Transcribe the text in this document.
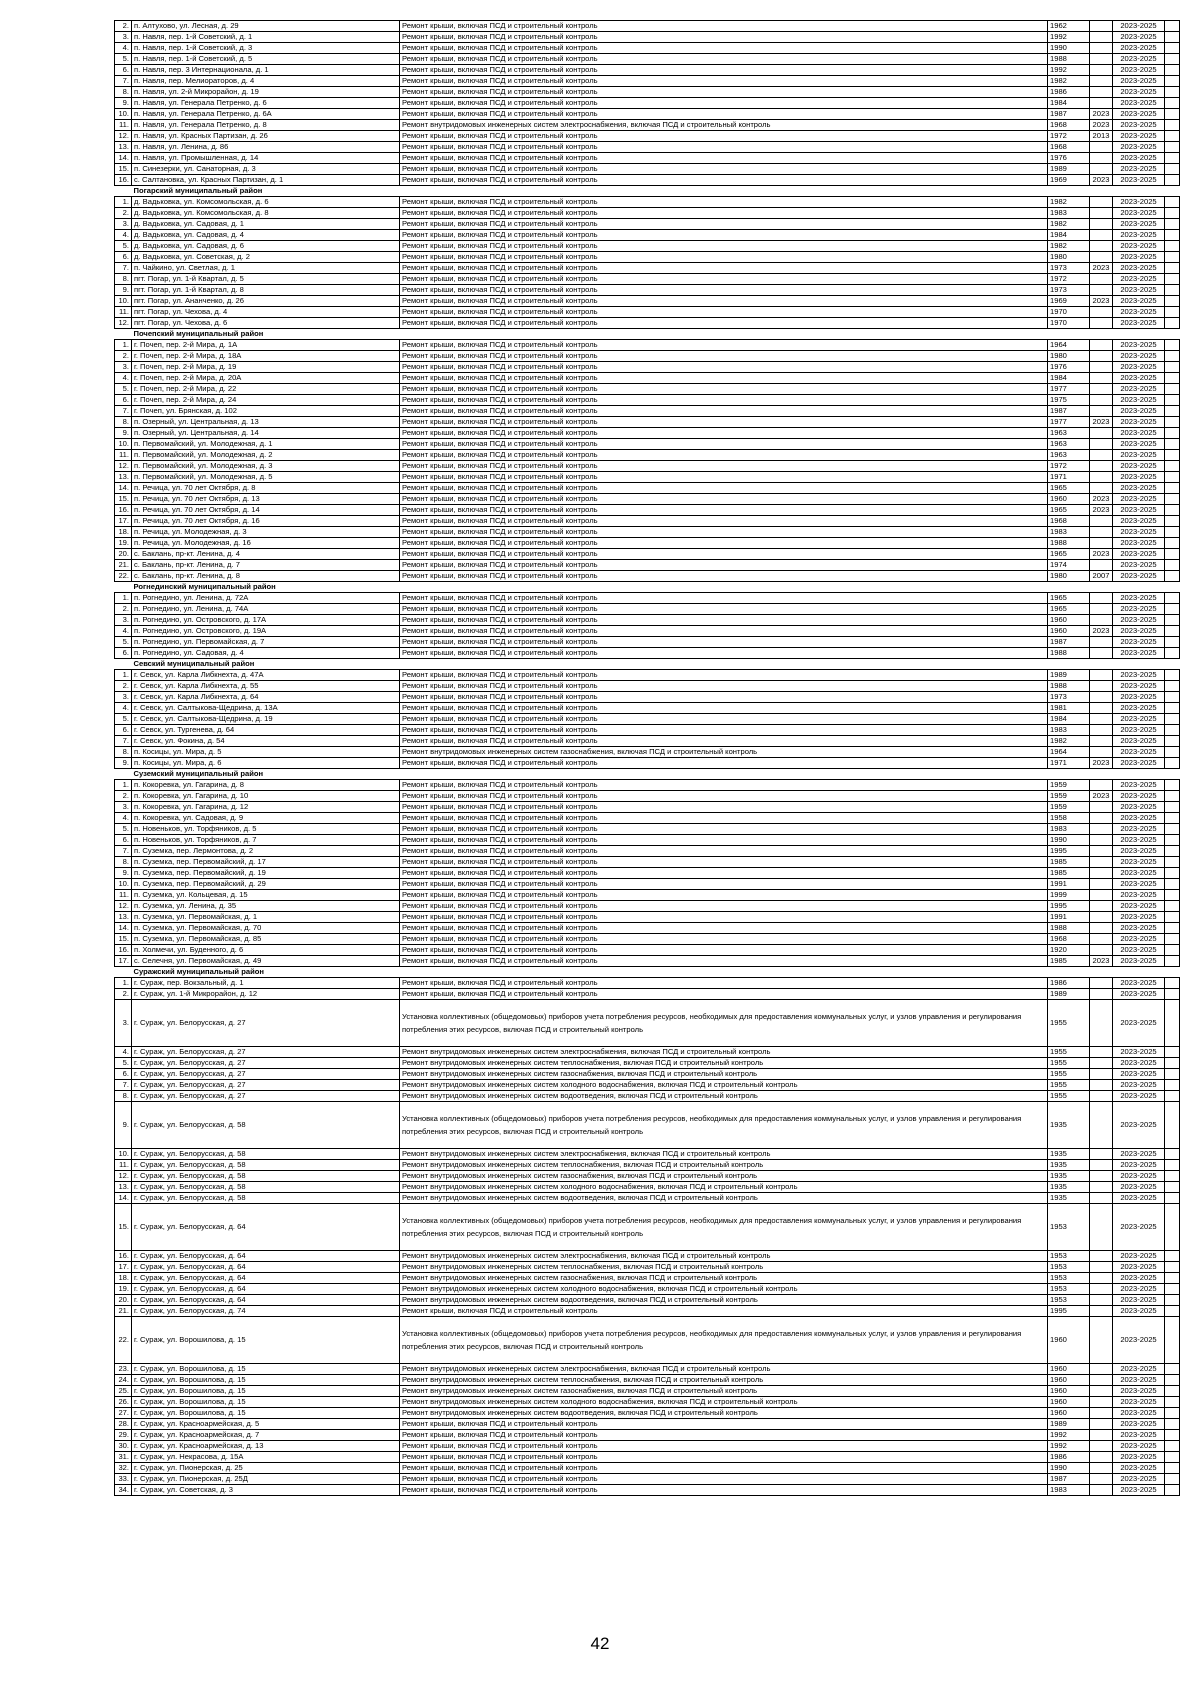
2.	п. Алтухово, ул. Лесная, д. 29	Ремонт крыши, включая ПСД и строительный контроль	1962		2023-2025	
3.	п. Навля, пер. 1-й Советский, д. 1	Ремонт крыши, включая ПСД и строительный контроль	1992		2023-2025	
4.	п. Навля, пер. 1-й Советский, д. 3	Ремонт крыши, включая ПСД и строительный контроль	1990		2023-2025	
5.	п. Навля, пер. 1-й Советский, д. 5	Ремонт крыши, включая ПСД и строительный контроль	1988		2023-2025	
6.	п. Навля, пер. 3 Интернационала, д. 1	Ремонт крыши, включая ПСД и строительный контроль	1992		2023-2025	
7.	п. Навля, пер. Мелиораторов, д. 4	Ремонт крыши, включая ПСД и строительный контроль	1982		2023-2025	
8.	п. Навля, ул. 2-й Микрорайон, д. 19	Ремонт крыши, включая ПСД и строительный контроль	1986		2023-2025	
9.	п. Навля, ул. Генерала Петренко, д. 6	Ремонт крыши, включая ПСД и строительный контроль	1984		2023-2025	
10.	п. Навля, ул. Генерала Петренко, д. 6А	Ремонт крыши, включая ПСД и строительный контроль	1987	2023	2023-2025	
11.	п. Навля, ул. Генерала Петренко, д. 8	Ремонт внутридомовых инженерных систем электроснабжения, включая ПСД и строительный контроль	1968	2023	2023-2025	
12.	п. Навля, ул. Красных Партизан, д. 26	Ремонт крыши, включая ПСД и строительный контроль	1972	2013	2023-2025	
13.	п. Навля, ул. Ленина, д. 86	Ремонт крыши, включая ПСД и строительный контроль	1968		2023-2025	
14.	п. Навля, ул. Промышленная, д. 14	Ремонт крыши, включая ПСД и строительный контроль	1976		2023-2025	
15.	п. Синезерки, ул. Санаторная, д. 3	Ремонт крыши, включая ПСД и строительный контроль	1989		2023-2025	
16.	с. Салтановка, ул. Красных Партизан, д. 1	Ремонт крыши, включая ПСД и строительный контроль	1969	2023	2023-2025	
	Погарский муниципальный район					
1.	д. Вадьковка, ул. Комсомольская, д. 6	Ремонт крыши, включая ПСД и строительный контроль	1982		2023-2025	
2.	д. Вадьковка, ул. Комсомольская, д. 8	Ремонт крыши, включая ПСД и строительный контроль	1983		2023-2025	
3.	д. Вадьковка, ул. Садовая, д. 1	Ремонт крыши, включая ПСД и строительный контроль	1982		2023-2025	
4.	д. Вадьковка, ул. Садовая, д. 4	Ремонт крыши, включая ПСД и строительный контроль	1984		2023-2025	
5.	д. Вадьковка, ул. Садовая, д. 6	Ремонт крыши, включая ПСД и строительный контроль	1982		2023-2025	
6.	д. Вадьковка, ул. Советская, д. 2	Ремонт крыши, включая ПСД и строительный контроль	1980		2023-2025	
7.	п. Чайкино, ул. Светлая, д. 1	Ремонт крыши, включая ПСД и строительный контроль	1973	2023	2023-2025	
8.	пгт. Погар, ул. 1-й Квартал, д. 5	Ремонт крыши, включая ПСД и строительный контроль	1972		2023-2025	
9.	пгт. Погар, ул. 1-й Квартал, д. 8	Ремонт крыши, включая ПСД и строительный контроль	1973		2023-2025	
10.	пгт. Погар, ул. Ананченко, д. 26	Ремонт крыши, включая ПСД и строительный контроль	1969	2023	2023-2025	
11.	пгт. Погар, ул. Чехова, д. 4	Ремонт крыши, включая ПСД и строительный контроль	1970		2023-2025	
12.	пгт. Погар, ул. Чехова, д. 6	Ремонт крыши, включая ПСД и строительный контроль	1970		2023-2025	
	Почепский муниципальный район					
1.	г. Почеп, пер. 2-й Мира, д. 1А	Ремонт крыши, включая ПСД и строительный контроль	1964		2023-2025	
2.	г. Почеп, пер. 2-й Мира, д. 18А	Ремонт крыши, включая ПСД и строительный контроль	1980		2023-2025	
3.	г. Почеп, пер. 2-й Мира, д. 19	Ремонт крыши, включая ПСД и строительный контроль	1976		2023-2025	
4.	г. Почеп, пер. 2-й Мира, д. 20А	Ремонт крыши, включая ПСД и строительный контроль	1984		2023-2025	
5.	г. Почеп, пер. 2-й Мира, д. 22	Ремонт крыши, включая ПСД и строительный контроль	1977		2023-2025	
6.	г. Почеп, пер. 2-й Мира, д. 24	Ремонт крыши, включая ПСД и строительный контроль	1975		2023-2025	
7.	г. Почеп, ул. Брянская, д. 102	Ремонт крыши, включая ПСД и строительный контроль	1987		2023-2025	
8.	п. Озерный, ул. Центральная, д. 13	Ремонт крыши, включая ПСД и строительный контроль	1977	2023	2023-2025	
9.	п. Озерный, ул. Центральная, д. 14	Ремонт крыши, включая ПСД и строительный контроль	1963		2023-2025	
10.	п. Первомайский, ул. Молодежная, д. 1	Ремонт крыши, включая ПСД и строительный контроль	1963		2023-2025	
11.	п. Первомайский, ул. Молодежная, д. 2	Ремонт крыши, включая ПСД и строительный контроль	1963		2023-2025	
12.	п. Первомайский, ул. Молодежная, д. 3	Ремонт крыши, включая ПСД и строительный контроль	1972		2023-2025	
13.	п. Первомайский, ул. Молодежная, д. 5	Ремонт крыши, включая ПСД и строительный контроль	1971		2023-2025	
14.	п. Речица, ул. 70 лет Октября, д. 8	Ремонт крыши, включая ПСД и строительный контроль	1965		2023-2025	
15.	п. Речица, ул. 70 лет Октября, д. 13	Ремонт крыши, включая ПСД и строительный контроль	1960	2023	2023-2025	
16.	п. Речица, ул. 70 лет Октября, д. 14	Ремонт крыши, включая ПСД и строительный контроль	1965	2023	2023-2025	
17.	п. Речица, ул. 70 лет Октября, д. 16	Ремонт крыши, включая ПСД и строительный контроль	1968		2023-2025	
18.	п. Речица, ул. Молодежная, д. 3	Ремонт крыши, включая ПСД и строительный контроль	1983		2023-2025	
19.	п. Речица, ул. Молодежная, д. 16	Ремонт крыши, включая ПСД и строительный контроль	1988		2023-2025	
20.	с. Баклань, пр-кт. Ленина, д. 4	Ремонт крыши, включая ПСД и строительный контроль	1965	2023	2023-2025	
21.	с. Баклань, пр-кт. Ленина, д. 7	Ремонт крыши, включая ПСД и строительный контроль	1974		2023-2025	
22.	с. Баклань, пр-кт. Ленина, д. 8	Ремонт крыши, включая ПСД и строительный контроль	1980	2007	2023-2025	
	Рогнединский муниципальный район					
1.	п. Рогнедино, ул. Ленина, д. 72А	Ремонт крыши, включая ПСД и строительный контроль	1965		2023-2025	
2.	п. Рогнедино, ул. Ленина, д. 74А	Ремонт крыши, включая ПСД и строительный контроль	1965		2023-2025	
3.	п. Рогнедино, ул. Островского, д. 17А	Ремонт крыши, включая ПСД и строительный контроль	1960		2023-2025	
4.	п. Рогнедино, ул. Островского, д. 19А	Ремонт крыши, включая ПСД и строительный контроль	1960	2023	2023-2025	
5.	п. Рогнедино, ул. Первомайская, д. 7	Ремонт крыши, включая ПСД и строительный контроль	1987		2023-2025	
6.	п. Рогнедино, ул. Садовая, д. 4	Ремонт крыши, включая ПСД и строительный контроль	1988		2023-2025	
	Севский муниципальный район					
1.	г. Севск, ул. Карла Либкнехта, д. 47А	Ремонт крыши, включая ПСД и строительный контроль	1989		2023-2025	
2.	г. Севск, ул. Карла Либкнехта, д. 55	Ремонт крыши, включая ПСД и строительный контроль	1988		2023-2025	
3.	г. Севск, ул. Карла Либкнехта, д. 64	Ремонт крыши, включая ПСД и строительный контроль	1973		2023-2025	
4.	г. Севск, ул. Салтыкова-Щедрина, д. 13А	Ремонт крыши, включая ПСД и строительный контроль	1981		2023-2025	
5.	г. Севск, ул. Салтыкова-Щедрина, д. 19	Ремонт крыши, включая ПСД и строительный контроль	1984		2023-2025	
6.	г. Севск, ул. Тургенева, д. 64	Ремонт крыши, включая ПСД и строительный контроль	1983		2023-2025	
7.	г. Севск, ул. Фокина, д. 54	Ремонт крыши, включая ПСД и строительный контроль	1982		2023-2025	
8.	п. Косицы, ул. Мира, д. 5	Ремонт внутридомовых инженерных систем газоснабжения, включая ПСД и строительный контроль	1964		2023-2025	
9.	п. Косицы, ул. Мира, д. 6	Ремонт крыши, включая ПСД и строительный контроль	1971	2023	2023-2025	
	Суземский муниципальный район					
1.	п. Кокоревка, ул. Гагарина, д. 8	Ремонт крыши, включая ПСД и строительный контроль	1959		2023-2025	
2.	п. Кокоревка, ул. Гагарина, д. 10	Ремонт крыши, включая ПСД и строительный контроль	1959	2023	2023-2025	
3.	п. Кокоревка, ул. Гагарина, д. 12	Ремонт крыши, включая ПСД и строительный контроль	1959		2023-2025	
4.	п. Кокоревка, ул. Садовая, д. 9	Ремонт крыши, включая ПСД и строительный контроль	1958		2023-2025	
5.	п. Новеньков, ул. Торфяников, д. 5	Ремонт крыши, включая ПСД и строительный контроль	1983		2023-2025	
6.	п. Новеньков, ул. Торфяников, д. 7	Ремонт крыши, включая ПСД и строительный контроль	1990		2023-2025	
7.	п. Суземка, пер. Лермонтова, д. 2	Ремонт крыши, включая ПСД и строительный контроль	1995		2023-2025	
8.	п. Суземка, пер. Первомайский, д. 17	Ремонт крыши, включая ПСД и строительный контроль	1985		2023-2025	
9.	п. Суземка, пер. Первомайский, д. 19	Ремонт крыши, включая ПСД и строительный контроль	1985		2023-2025	
10.	п. Суземка, пер. Первомайский, д. 29	Ремонт крыши, включая ПСД и строительный контроль	1991		2023-2025	
11.	п. Суземка, ул. Кольцевая, д. 15	Ремонт крыши, включая ПСД и строительный контроль	1999		2023-2025	
12.	п. Суземка, ул. Ленина, д. 35	Ремонт крыши, включая ПСД и строительный контроль	1995		2023-2025	
13.	п. Суземка, ул. Первомайская, д. 1	Ремонт крыши, включая ПСД и строительный контроль	1991		2023-2025	
14.	п. Суземка, ул. Первомайская, д. 70	Ремонт крыши, включая ПСД и строительный контроль	1988		2023-2025	
15.	п. Суземка, ул. Первомайская, д. 85	Ремонт крыши, включая ПСД и строительный контроль	1968		2023-2025	
16.	п. Холмечи, ул. Буденного, д. 6	Ремонт крыши, включая ПСД и строительный контроль	1920		2023-2025	
17.	с. Селечня, ул. Первомайская, д. 49	Ремонт крыши, включая ПСД и строительный контроль	1985	2023	2023-2025	
	Суражский муниципальный район					
1.	г. Сураж, пер. Вокзальный, д. 1	Ремонт крыши, включая ПСД и строительный контроль	1986		2023-2025	
2.	г. Сураж, ул. 1-й Микрорайон, д. 12	Ремонт крыши, включая ПСД и строительный контроль	1989		2023-2025	
3.	г. Сураж, ул. Белорусская, д. 27	Установка коллективных (общедомовых) приборов учета потребления ресурсов, необходимых для предоставления коммунальных услуг, и узлов управления и регулирования потребления этих ресурсов, включая ПСД и строительный контроль	1955		2023-2025	
4.	г. Сураж, ул. Белорусская, д. 27	Ремонт внутридомовых инженерных систем электроснабжения, включая ПСД и строительный контроль	1955		2023-2025	
5.	г. Сураж, ул. Белорусская, д. 27	Ремонт внутридомовых инженерных систем теплоснабжения, включая ПСД и строительный контроль	1955		2023-2025	
6.	г. Сураж, ул. Белорусская, д. 27	Ремонт внутридомовых инженерных систем газоснабжения, включая ПСД и строительный контроль	1955		2023-2025	
7.	г. Сураж, ул. Белорусская, д. 27	Ремонт внутридомовых инженерных систем холодного водоснабжения, включая ПСД и строительный контроль	1955		2023-2025	
8.	г. Сураж, ул. Белорусская, д. 27	Ремонт внутридомовых инженерных систем водоотведения, включая ПСД и строительный контроль	1955		2023-2025	
9.	г. Сураж, ул. Белорусская, д. 58	Установка коллективных (общедомовых) приборов учета потребления ресурсов, необходимых для предоставления коммунальных услуг, и узлов управления и регулирования потребления этих ресурсов, включая ПСД и строительный контроль	1935		2023-2025	
10.	г. Сураж, ул. Белорусская, д. 58	Ремонт внутридомовых инженерных систем электроснабжения, включая ПСД и строительный контроль	1935		2023-2025	
11.	г. Сураж, ул. Белорусская, д. 58	Ремонт внутридомовых инженерных систем теплоснабжения, включая ПСД и строительный контроль	1935		2023-2025	
12.	г. Сураж, ул. Белорусская, д. 58	Ремонт внутридомовых инженерных систем газоснабжения, включая ПСД и строительный контроль	1935		2023-2025	
13.	г. Сураж, ул. Белорусская, д. 58	Ремонт внутридомовых инженерных систем холодного водоснабжения, включая ПСД и строительный контроль	1935		2023-2025	
14.	г. Сураж, ул. Белорусская, д. 58	Ремонт внутридомовых инженерных систем водоотведения, включая ПСД и строительный контроль	1935		2023-2025	
15.	г. Сураж, ул. Белорусская, д. 64	Установка коллективных (общедомовых) приборов учета потребления ресурсов, необходимых для предоставления коммунальных услуг, и узлов управления и регулирования потребления этих ресурсов, включая ПСД и строительный контроль	1953		2023-2025	
16.	г. Сураж, ул. Белорусская, д. 64	Ремонт внутридомовых инженерных систем электроснабжения, включая ПСД и строительный контроль	1953		2023-2025	
17.	г. Сураж, ул. Белорусская, д. 64	Ремонт внутридомовых инженерных систем теплоснабжения, включая ПСД и строительный контроль	1953		2023-2025	
18.	г. Сураж, ул. Белорусская, д. 64	Ремонт внутридомовых инженерных систем газоснабжения, включая ПСД и строительный контроль	1953		2023-2025	
19.	г. Сураж, ул. Белорусская, д. 64	Ремонт внутридомовых инженерных систем холодного водоснабжения, включая ПСД и строительный контроль	1953		2023-2025	
20.	г. Сураж, ул. Белорусская, д. 64	Ремонт внутридомовых инженерных систем водоотведения, включая ПСД и строительный контроль	1953		2023-2025	
21.	г. Сураж, ул. Белорусская, д. 74	Ремонт крыши, включая ПСД и строительный контроль	1995		2023-2025	
22.	г. Сураж, ул. Ворошилова, д. 15	Установка коллективных (общедомовых) приборов учета потребления ресурсов, необходимых для предоставления коммунальных услуг, и узлов управления и регулирования потребления этих ресурсов, включая ПСД и строительный контроль	1960		2023-2025	
23.	г. Сураж, ул. Ворошилова, д. 15	Ремонт внутридомовых инженерных систем электроснабжения, включая ПСД и строительный контроль	1960		2023-2025	
24.	г. Сураж, ул. Ворошилова, д. 15	Ремонт внутридомовых инженерных систем теплоснабжения, включая ПСД и строительный контроль	1960		2023-2025	
25.	г. Сураж, ул. Ворошилова, д. 15	Ремонт внутридомовых инженерных систем газоснабжения, включая ПСД и строительный контроль	1960		2023-2025	
26.	г. Сураж, ул. Ворошилова, д. 15	Ремонт внутридомовых инженерных систем холодного водоснабжения, включая ПСД и строительный контроль	1960		2023-2025	
27.	г. Сураж, ул. Ворошилова, д. 15	Ремонт внутридомовых инженерных систем водоотведения, включая ПСД и строительный контроль	1960		2023-2025	
28.	г. Сураж, ул. Красноармейская, д. 5	Ремонт крыши, включая ПСД и строительный контроль	1989		2023-2025	
29.	г. Сураж, ул. Красноармейская, д. 7	Ремонт крыши, включая ПСД и строительный контроль	1992		2023-2025	
30.	г. Сураж, ул. Красноармейская, д. 13	Ремонт крыши, включая ПСД и строительный контроль	1992		2023-2025	
31.	г. Сураж, ул. Некрасова, д. 15А	Ремонт крыши, включая ПСД и строительный контроль	1986		2023-2025	
32.	г. Сураж, ул. Пионерская, д. 25	Ремонт крыши, включая ПСД и строительный контроль	1990		2023-2025	
33.	г. Сураж, ул. Пионерская, д. 25Д	Ремонт крыши, включая ПСД и строительный контроль	1987		2023-2025	
34.	г. Сураж, ул. Советская, д. 3	Ремонт крыши, включая ПСД и строительный контроль	1983		2023-2025	
42
